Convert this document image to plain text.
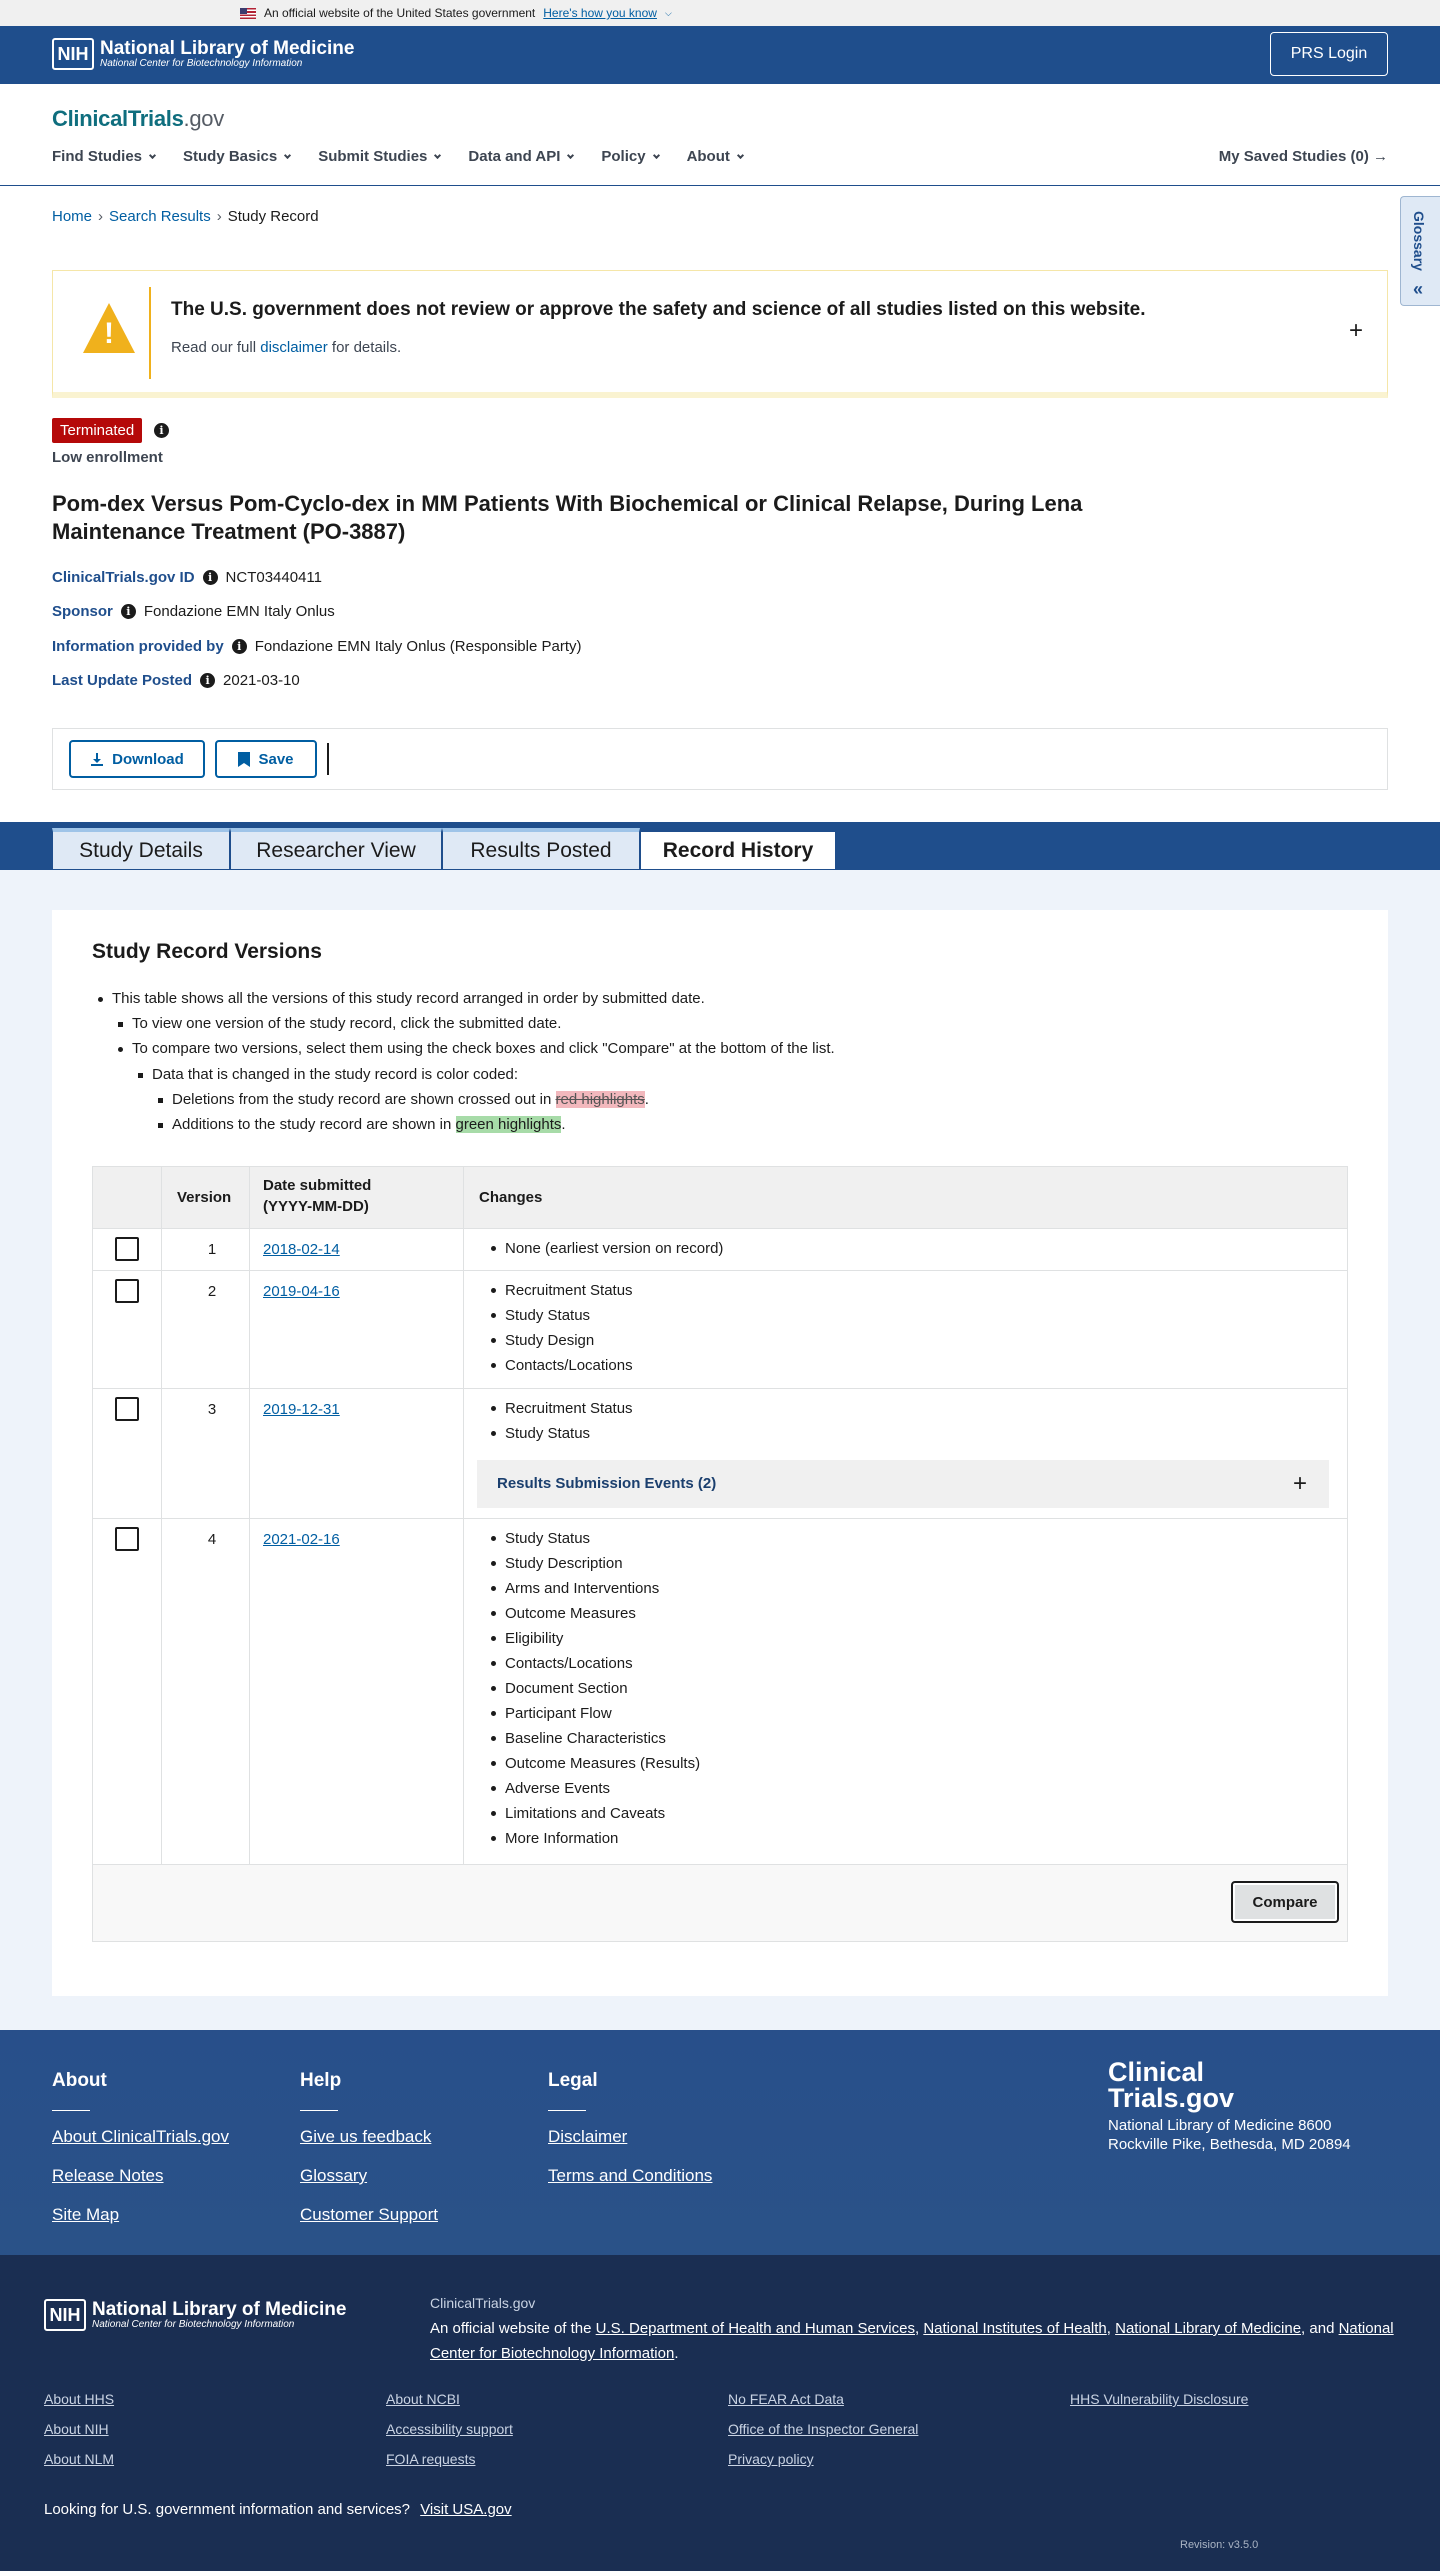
An official website of the United States government Here's how you know ⌵
NIH National Library of Medicine
National Center for Biotechnology Information
PRS Login
ClinicalTrials.gov
Find Studies	Study Basics	Submit Studies	Data and API	Policy	About	My Saved Studies (0) →
Glossary
«
Home › Search Results › Study Record
!
The U.S. government does not review or approve the safety and science of all studies listed on this website.
Read our full disclaimer for details.
+
Terminated	i
Low enrollment
Pom-dex Versus Pom-Cyclo-dex in MM Patients With Biochemical or Clinical Relapse, During Lena Maintenance Treatment (PO-3887)
ClinicalTrials.gov ID	i NCT03440411
Sponsor	i Fondazione EMN Italy Onlus
Information provided by	i Fondazione EMN Italy Onlus (Responsible Party)
Last Update Posted	i 2021-03-10
Download	Save
Study Details	Researcher View	Results Posted	Record History
Study Record Versions
This table shows all the versions of this study record arranged in order by submitted date.
To view one version of the study record, click the submitted date.
To compare two versions, select them using the check boxes and click "Compare" at the bottom of the list.
Data that is changed in the study record is color coded:
Deletions from the study record are shown crossed out in red highlights.
Additions to the study record are shown in green highlights.
Version
Date submitted
(YYYY-MM-DD)
Changes
1	2018-02-14	None (earliest version on record)
2	2019-04-16	Recruitment Status
Study Status
Study Design
Contacts/Locations
3	2019-12-31	Recruitment Status
Study Status
Results Submission Events (2)	+
4	2021-02-16	Study Status
Study Description
Arms and Interventions
Outcome Measures
Eligibility
Contacts/Locations
Document Section
Participant Flow
Baseline Characteristics
Outcome Measures (Results)
Adverse Events
Limitations and Caveats
More Information
Compare
About
About ClinicalTrials.gov
Release Notes
Site Map
Help
Give us feedback
Glossary
Customer Support
Legal
Disclaimer
Terms and Conditions
Clinical
Trials.gov
National Library of Medicine 8600 Rockville Pike, Bethesda, MD 20894
NIH National Library of Medicine
National Center for Biotechnology Information
ClinicalTrials.gov
An official website of the U.S. Department of Health and Human Services, National Institutes of Health, National Library of Medicine, and National Center for Biotechnology Information.
About HHS
About NIH
About NLM
About NCBI
Accessibility support
FOIA requests
No FEAR Act Data
Office of the Inspector General
Privacy policy
HHS Vulnerability Disclosure
Looking for U.S. government information and services? Visit USA.gov
Revision: v3.5.0
